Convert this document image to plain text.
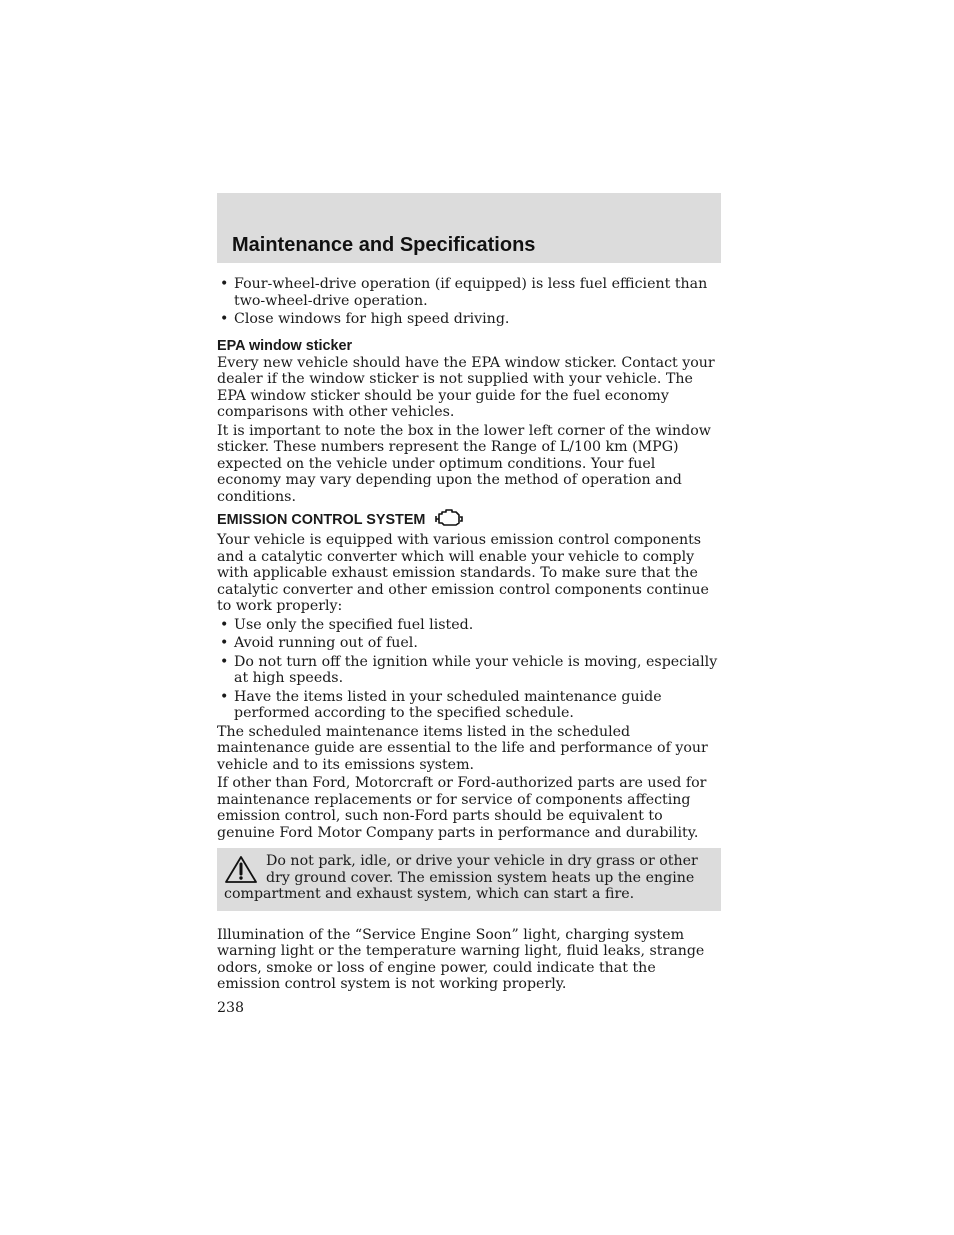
Maintenance and Specifications
• Four-wheel-drive operation (if equipped) is less fuel efficient than two-wheel-drive operation.
• Close windows for high speed driving.
EPA window sticker

Every new vehicle should have the EPA window sticker. Contact your dealer if the window sticker is not supplied with your vehicle. The EPA window sticker should be your guide for the fuel economy comparisons with other vehicles.

It is important to note the box in the lower left corner of the window sticker. These numbers represent the Range of L/100 km (MPG) expected on the vehicle under optimum conditions. Your fuel economy may vary depending upon the method of operation and conditions.

EMISSION CONTROL SYSTEM

Your vehicle is equipped with various emission control components and a catalytic converter which will enable your vehicle to comply with applicable exhaust emission standards. To make sure that the catalytic converter and other emission control components continue to work properly:

• Use only the specified fuel listed.
• Avoid running out of fuel.
• Do not turn off the ignition while your vehicle is moving, especially at high speeds.
• Have the items listed in your scheduled maintenance guide performed according to the specified schedule.

The scheduled maintenance items listed in the scheduled maintenance guide are essential to the life and performance of your vehicle and to its emissions system.

If other than Ford, Motorcraft or Ford-authorized parts are used for maintenance replacements or for service of components affecting emission control, such non-Ford parts should be equivalent to genuine Ford Motor Company parts in performance and durability.

Do not park, idle, or drive your vehicle in dry grass or other dry ground cover. The emission system heats up the engine compartment and exhaust system, which can start a fire.

Illumination of the “Service Engine Soon” light, charging system warning light or the temperature warning light, fluid leaks, strange odors, smoke or loss of engine power, could indicate that the emission control system is not working properly.

238
